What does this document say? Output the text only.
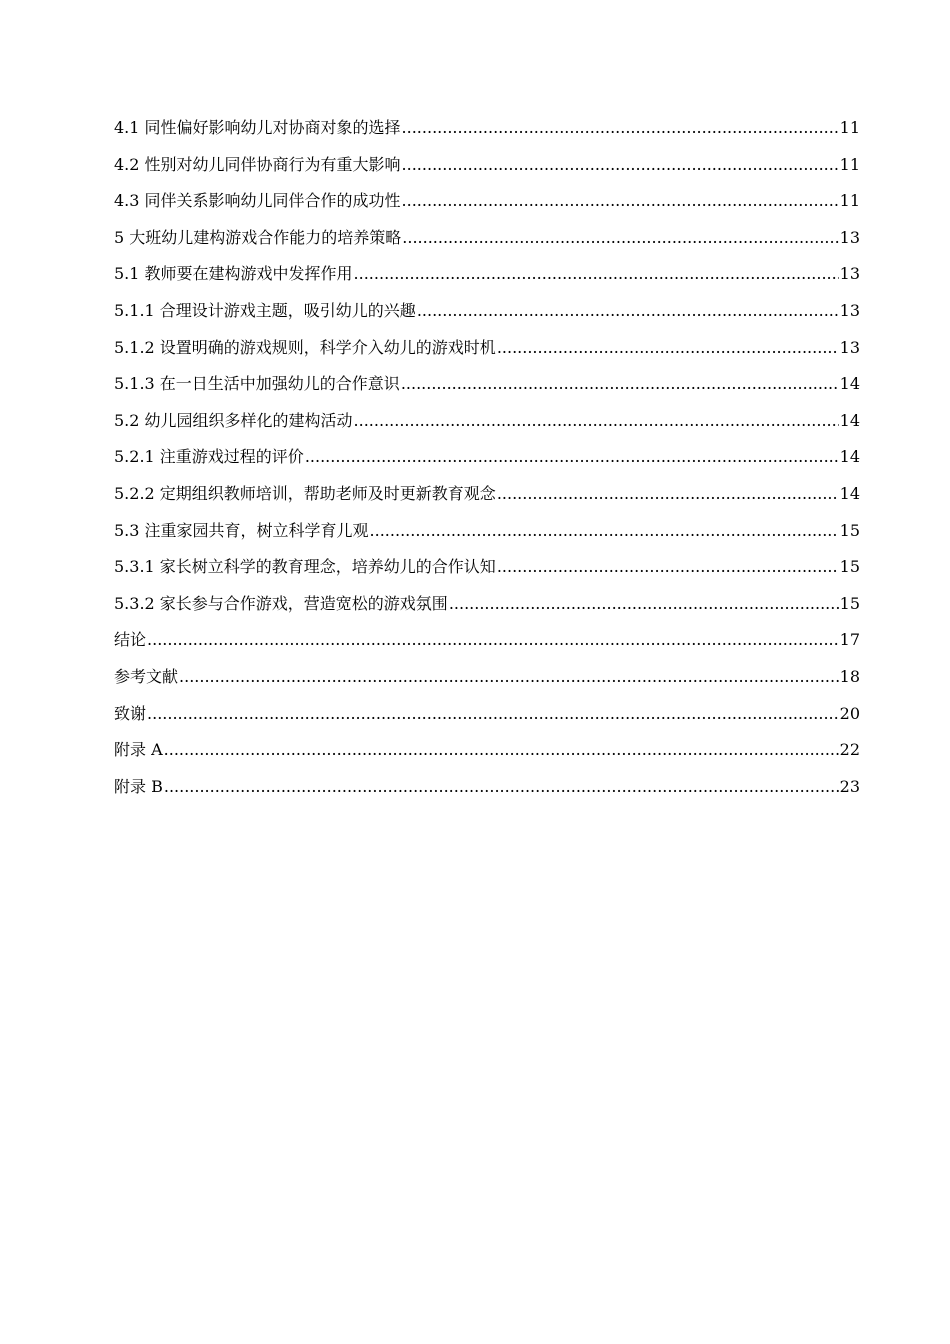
4.1 同性偏好影响幼儿对协商对象的选择 .....	11
4.2 性别对幼儿同伴协商行为有重大影响 .....	11
4.3 同伴关系影响幼儿同伴合作的成功性 .....	11
5 大班幼儿建构游戏合作能力的培养策略 .....	13
5.1 教师要在建构游戏中发挥作用 .....	13
5.1.1 合理设计游戏主题，吸引幼儿的兴趣 .....	13
5.1.2 设置明确的游戏规则，科学介入幼儿的游戏时机 .....	13
5.1.3 在一日生活中加强幼儿的合作意识 .....	14
5.2 幼儿园组织多样化的建构活动 .....	14
5.2.1 注重游戏过程的评价 .....	14
5.2.2 定期组织教师培训，帮助老师及时更新教育观念 .....	14
5.3 注重家园共育，树立科学育儿观 .....	15
5.3.1 家长树立科学的教育理念，培养幼儿的合作认知 .....	15
5.3.2 家长参与合作游戏，营造宽松的游戏氛围 .....	15
结论 .....	17
参考文献 .....	18
致谢 .....	20
附录 A .....	22
附录 B .....	23
